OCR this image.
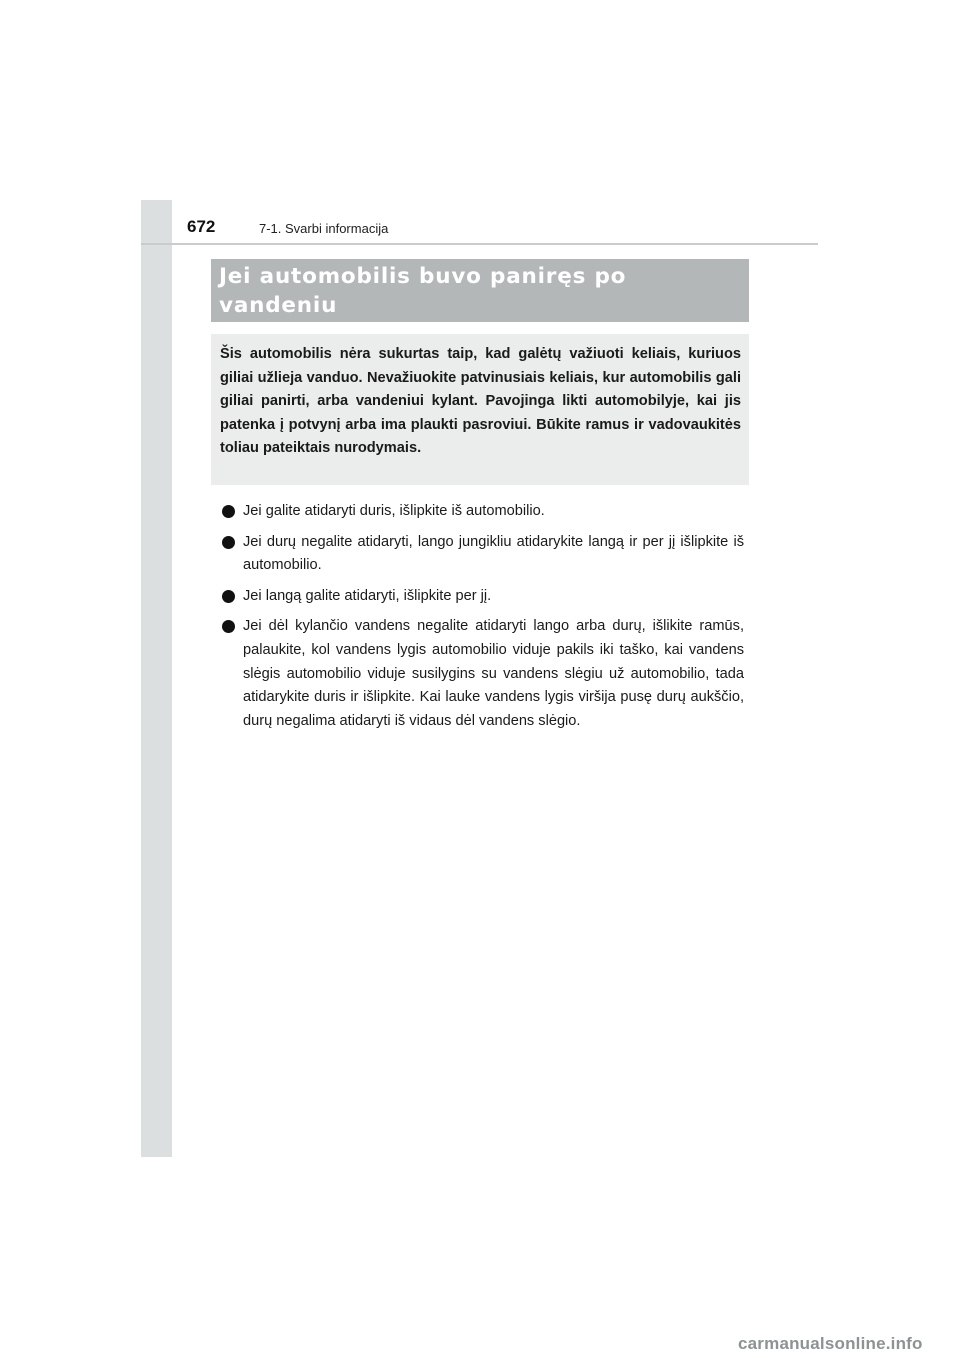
672	7-1. Svarbi informacija
Jei automobilis buvo paniręs po vandeniu

Šis automobilis nėra sukurtas taip, kad galėtų važiuoti keliais, kuriuos giliai užlieja vanduo. Nevažiuokite patvinusiais keliais, kur automobilis gali giliai panirti, arba vandeniui kylant. Pavojinga likti automobilyje, kai jis patenka į potvynį arba ima plaukti pasroviui. Būkite ramus ir vadovaukitės toliau pateiktais nurodymais.

Jei galite atidaryti duris, išlipkite iš automobilio.
Jei durų negalite atidaryti, lango jungikliu atidarykite langą ir per jį išlipkite iš automobilio.
Jei langą galite atidaryti, išlipkite per jį.
Jei dėl kylančio vandens negalite atidaryti lango arba durų, išlikite ramūs, palaukite, kol vandens lygis automobilio viduje pakils iki taško, kai vandens slėgis automobilio viduje susilygins su vandens slėgiu už automobilio, tada atidarykite duris ir išlipkite. Kai lauke vandens lygis viršija pusę durų aukščio, durų negalima atidaryti iš vidaus dėl vandens slėgio.
carmanualsonline.info
